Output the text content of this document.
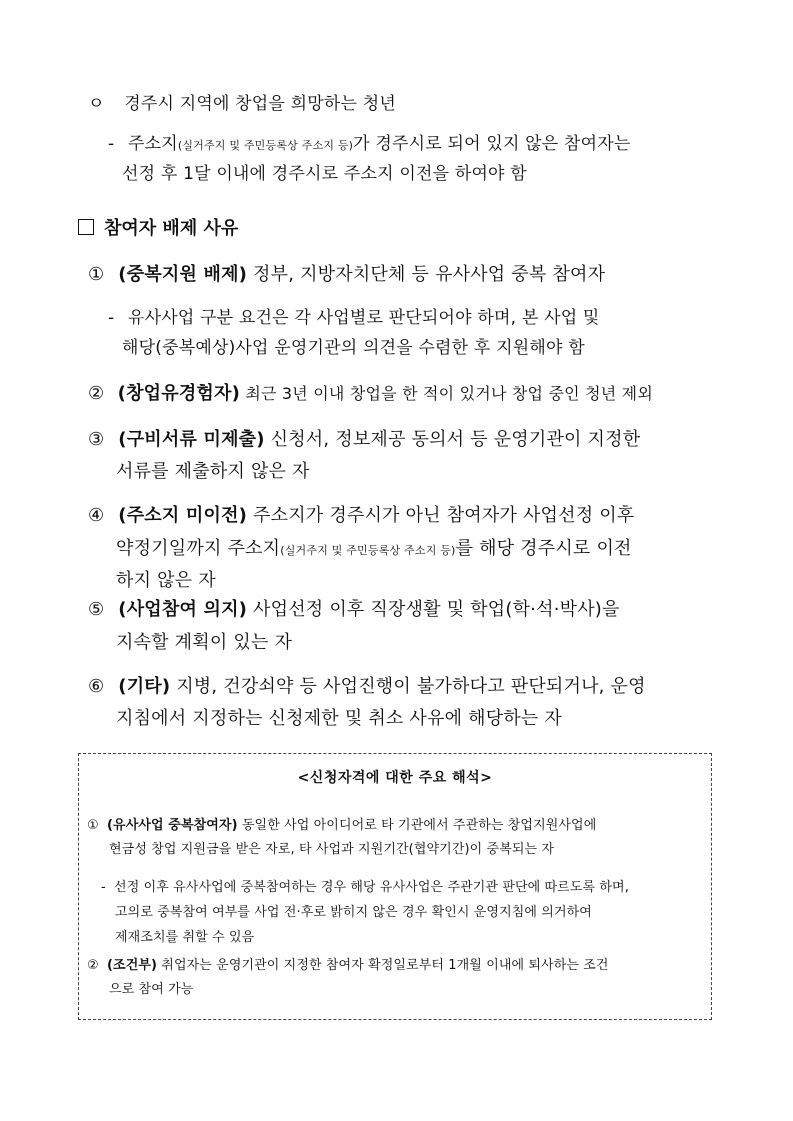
ㅇ 경주시 지역에 창업을 희망하는 청년
- 주소지(실거주지 및 주민등록상 주소지 등)가 경주시로 되어 있지 않은 참여자는
선정 후 1달 이내에 경주시로 주소지 이전을 하여야 함
참여자 배제 사유
① (중복지원 배제) 정부, 지방자치단체 등 유사사업 중복 참여자
- 유사사업 구분 요건은 각 사업별로 판단되어야 하며, 본 사업 및
해당(중복예상)사업 운영기관의 의견을 수렴한 후 지원해야 함
② (창업유경험자) 최근 3년 이내 창업을 한 적이 있거나 창업 중인 청년 제외
③ (구비서류 미제출) 신청서, 정보제공 동의서 등 운영기관이 지정한
서류를 제출하지 않은 자
④ (주소지 미이전) 주소지가 경주시가 아닌 참여자가 사업선정 이후
약정기일까지 주소지(실거주지 및 주민등록상 주소지 등)를 해당 경주시로 이전
하지 않은 자
⑤ (사업참여 의지) 사업선정 이후 직장생활 및 학업(학·석·박사)을
지속할 계획이 있는 자
⑥ (기타) 지병, 건강쇠약 등 사업진행이 불가하다고 판단되거나, 운영
지침에서 지정하는 신청제한 및 취소 사유에 해당하는 자
<신청자격에 대한 주요 해석>
① (유사사업 중복참여자) 동일한 사업 아이디어로 타 기관에서 주관하는 창업지원사업에
현금성 창업 지원금을 받은 자로, 타 사업과 지원기간(협약기간)이 중복되는 자
- 선정 이후 유사사업에 중복참여하는 경우 해당 유사사업은 주관기관 판단에 따르도록 하며,
고의로 중복참여 여부를 사업 전·후로 밝히지 않은 경우 확인시 운영지침에 의거하여
제재조치를 취할 수 있음
② (조건부) 취업자는 운영기관이 지정한 참여자 확정일로부터 1개월 이내에 퇴사하는 조건
으로 참여 가능
